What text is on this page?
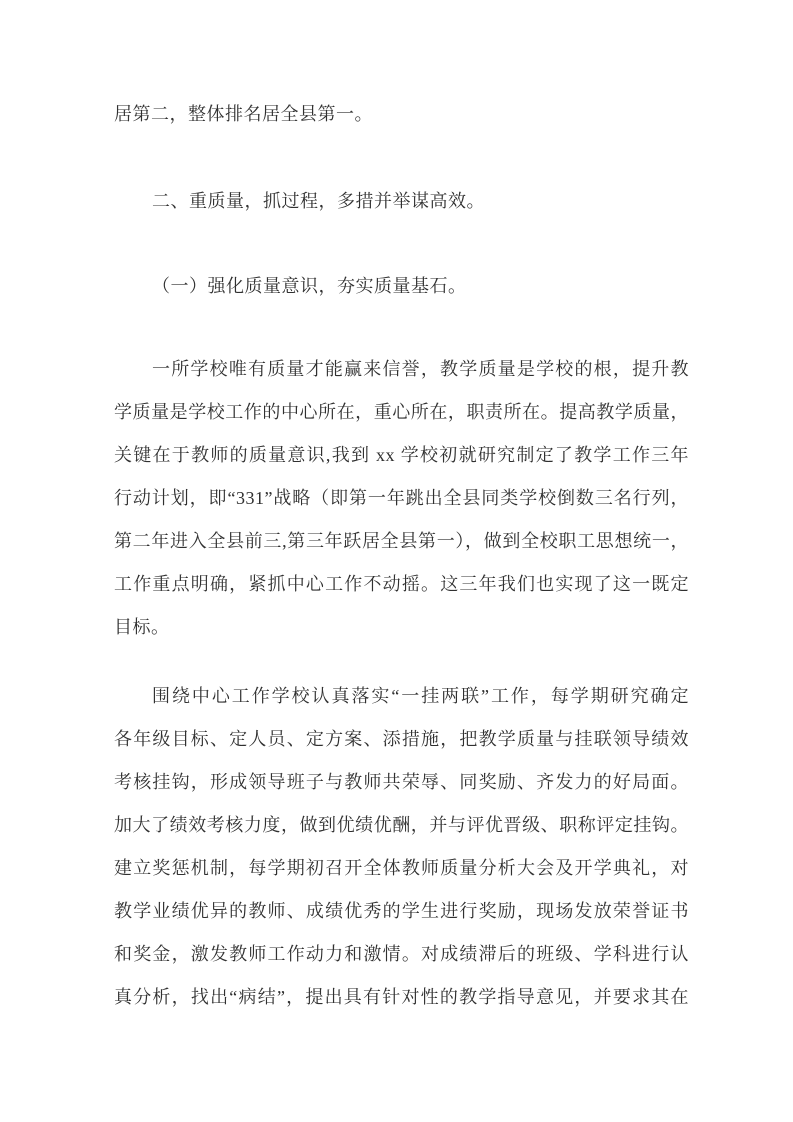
居第二，整体排名居全县第一。
二、重质量，抓过程，多措并举谋高效。
（一）强化质量意识，夯实质量基石。
一所学校唯有质量才能赢来信誉，教学质量是学校的根，提升教
学质量是学校工作的中心所在，重心所在，职责所在。提高教学质量，
关键在于教师的质量意识,我到 xx 学校初就研究制定了教学工作三年
行动计划，即“331”战略（即第一年跳出全县同类学校倒数三名行列，
第二年进入全县前三,第三年跃居全县第一），做到全校职工思想统一，
工作重点明确，紧抓中心工作不动摇。这三年我们也实现了这一既定
目标。
围绕中心工作学校认真落实“一挂两联”工作，每学期研究确定
各年级目标、定人员、定方案、添措施，把教学质量与挂联领导绩效
考核挂钩，形成领导班子与教师共荣辱、同奖励、齐发力的好局面。
加大了绩效考核力度，做到优绩优酬，并与评优晋级、职称评定挂钩。
建立奖惩机制，每学期初召开全体教师质量分析大会及开学典礼，对
教学业绩优异的教师、成绩优秀的学生进行奖励，现场发放荣誉证书
和奖金，激发教师工作动力和激情。对成绩滞后的班级、学科进行认
真分析，找出“病结”，提出具有针对性的教学指导意见，并要求其在
